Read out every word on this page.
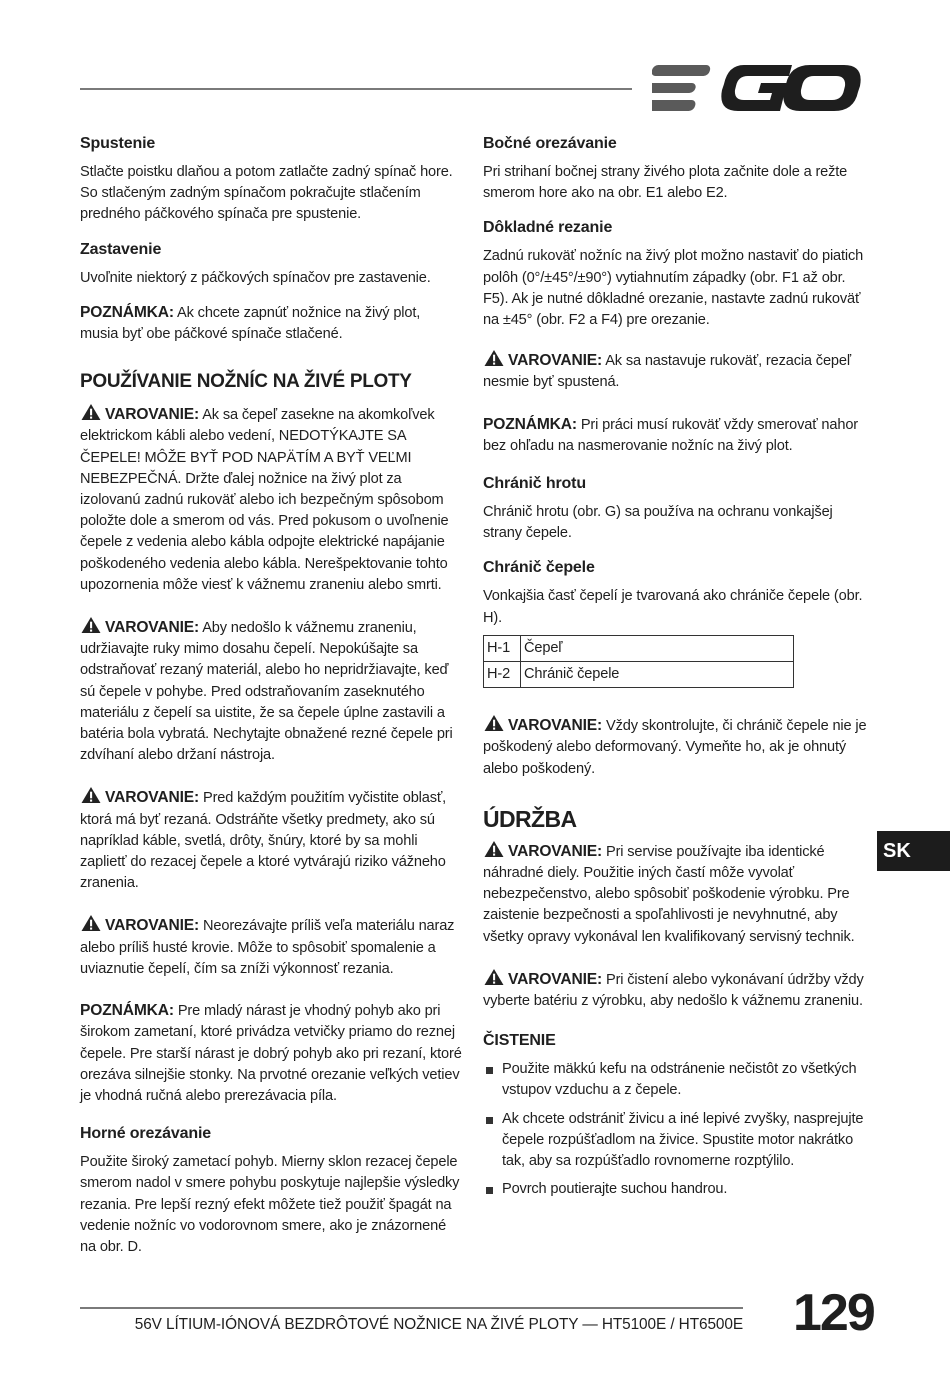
Spustenie

Stlačte poistku dlaňou a potom zatlačte zadný spínač hore. So stlačeným zadným spínačom pokračujte stlačením predného páčkového spínača pre spustenie.

Zastavenie

Uvoľnite niektorý z páčkových spínačov pre zastavenie.

POZNÁMKA: Ak chcete zapnúť nožnice na živý plot, musia byť obe páčkové spínače stlačené.

POUŽÍVANIE NOŽNÍC NA ŽIVÉ PLOTY

VAROVANIE: Ak sa čepeľ zasekne na akomkoľvek elektrickom kábli alebo vedení, NEDOTÝKAJTE SA ČEPELE! MÔŽE BYŤ POD NAPÄTÍM A BYŤ VEĽMI NEBEZPEČNÁ. Držte ďalej nožnice na živý plot za izolovanú zadnú rukoväť alebo ich bezpečným spôsobom položte dole a smerom od vás. Pred pokusom o uvoľnenie čepele z vedenia alebo kábla odpojte elektrické napájanie poškodeného vedenia alebo kábla. Nerešpektovanie tohto upozornenia môže viesť k vážnemu zraneniu alebo smrti.

VAROVANIE: Aby nedošlo k vážnemu zraneniu, udržiavajte ruky mimo dosahu čepelí. Nepokúšajte sa odstraňovať rezaný materiál, alebo ho nepridržiavajte, keď sú čepele v pohybe. Pred odstraňovaním zaseknutého materiálu z čepelí sa uistite, že sa čepele úplne zastavili a batéria bola vybratá. Nechytajte obnažené rezné čepele pri zdvíhaní alebo držaní nástroja.

VAROVANIE: Pred každým použitím vyčistite oblasť, ktorá má byť rezaná. Odstráňte všetky predmety, ako sú napríklad káble, svetlá, drôty, šnúry, ktoré by sa mohli zaplietť do rezacej čepele a ktoré vytvárajú riziko vážneho zranenia.

VAROVANIE: Neorezávajte príliš veľa materiálu naraz alebo príliš husté krovie. Môže to spôsobiť spomalenie a uviaznutie čepelí, čím sa zníži výkonnosť rezania.

POZNÁMKA: Pre mladý nárast je vhodný pohyb ako pri širokom zametaní, ktoré privádza vetvičky priamo do reznej čepele. Pre starší nárast je dobrý pohyb ako pri rezaní, ktoré orezáva silnejšie stonky. Na prvotné orezanie veľkých vetiev je vhodná ručná alebo prerezávacia píla.

Horné orezávanie

Použite široký zametací pohyb. Mierny sklon rezacej čepele smerom nadol v smere pohybu poskytuje najlepšie výsledky rezania. Pre lepší rezný efekt môžete tiež použiť špagát na vedenie nožníc vo vodorovnom smere, ako je znázornené na obr. D.

Bočné orezávanie

Pri strihaní bočnej strany živého plota začnite dole a režte smerom hore ako na obr. E1 alebo E2.

Dôkladné rezanie

Zadnú rukoväť nožníc na živý plot možno nastaviť do piatich polôh (0°/±45°/±90°) vytiahnutím západky (obr. F1 až obr. F5). Ak je nutné dôkladné orezanie, nastavte zadnú rukoväť na ±45° (obr. F2 a F4) pre orezanie.

VAROVANIE: Ak sa nastavuje rukoväť, rezacia čepeľ nesmie byť spustená.

POZNÁMKA: Pri práci musí rukoväť vždy smerovať nahor bez ohľadu na nasmerovanie nožníc na živý plot.

Chránič hrotu

Chránič hrotu (obr. G) sa používa na ochranu vonkajšej strany čepele.

Chránič čepele

Vonkajšia časť čepelí je tvarovaná ako chrániče čepele (obr. H).

H-1	Čepeľ
H-2	Chránič čepele

VAROVANIE: Vždy skontrolujte, či chránič čepele nie je poškodený alebo deformovaný. Vymeňte ho, ak je ohnutý alebo poškodený.

ÚDRŽBA

VAROVANIE: Pri servise používajte iba identické náhradné diely. Použitie iných častí môže vyvolať nebezpečenstvo, alebo spôsobiť poškodenie výrobku. Pre zaistenie bezpečnosti a spoľahlivosti je nevyhnutné, aby všetky opravy vykonával len kvalifikovaný servisný technik.

VAROVANIE: Pri čistení alebo vykonávaní údržby vždy vyberte batériu z výrobku, aby nedošlo k vážnemu zraneniu.

ČISTENIE
Použite mäkkú kefu na odstránenie nečistôt zo všetkých vstupov vzduchu a z čepele.
Ak chcete odstrániť živicu a iné lepivé zvyšky, nasprejujte čepele rozpúšťadlom na živice. Spustite motor nakrátko tak, aby sa rozpúšťadlo rovnomerne rozptýlilo.
Povrch poutierajte suchou handrou.
SK
56V LÍTIUM-IÓNOVÁ BEZDRÔTOVÉ NOŽNICE NA ŽIVÉ PLOTY — HT5100E / HT6500E 129
